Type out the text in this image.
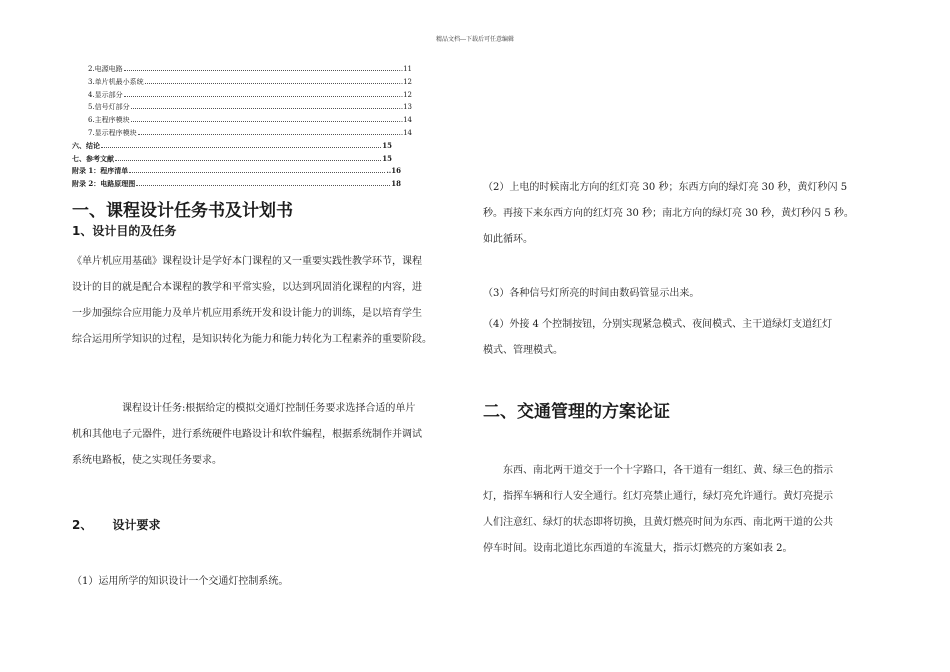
精品文档---下载后可任意编辑
2.电源电路	..11
3.单片机最小系统	..12
4.显示部分	..12
5.信号灯部分	..13
6.主程序模块	..14
7.显示程序模块	..14
六、结论	15
七、参考文献	15
附录 1：程序清单	..16
附录 2：电路原理图	18
一、课程设计任务书及计划书
1、设计目的及任务

《单片机应用基础》课程设计是学好本门课程的又一重要实践性教学环节，课程
设计的目的就是配合本课程的教学和平常实验，以达到巩固消化课程的内容，进
一步加强综合应用能力及单片机应用系统开发和设计能力的训练，是以培育学生
综合运用所学知识的过程，是知识转化为能力和能力转化为工程素养的重要阶段。

课程设计任务:根据给定的模拟交通灯控制任务要求选择合适的单片
机和其他电子元器件，进行系统硬件电路设计和软件编程，根据系统制作并调试
系统电路板，使之实现任务要求。

2、 设计要求

（1）运用所学的知识设计一个交通灯控制系统。

（2）上电的时候南北方向的红灯亮 30 秒；东西方向的绿灯亮 30 秒，黄灯秒闪 5
秒。再接下来东西方向的红灯亮 30 秒；南北方向的绿灯亮 30 秒，黄灯秒闪 5 秒。
如此循环。

（3）各种信号灯所亮的时间由数码管显示出来。

（4）外接 4 个控制按钮，分别实现紧急模式、夜间模式、主干道绿灯支道红灯
模式、管理模式。

二、交通管理的方案论证

东西、南北两干道交于一个十字路口，各干道有一组红、黄、绿三色的指示
灯，指挥车辆和行人安全通行。红灯亮禁止通行，绿灯亮允许通行。黄灯亮提示
人们注意红、绿灯的状态即将切换，且黄灯燃亮时间为东西、南北两干道的公共
停车时间。设南北道比东西道的车流量大，指示灯燃亮的方案如表 2。
